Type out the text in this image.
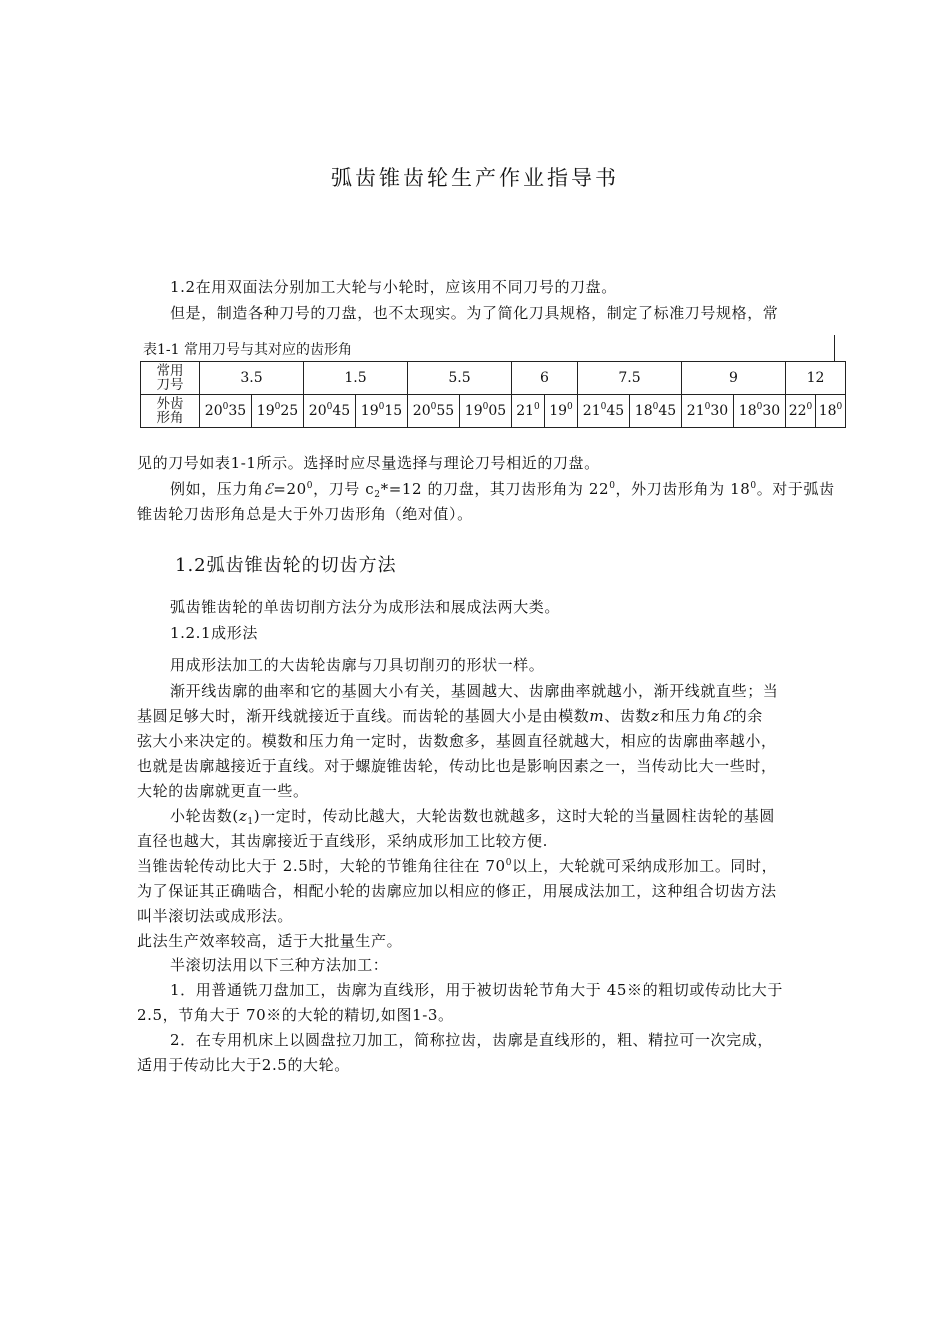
弧齿锥齿轮生产作业指导书
1.2在用双面法分别加工大轮与小轮时，应该用不同刀号的刀盘。
但是，制造各种刀号的刀盘，也不太现实。为了简化刀具规格，制定了标准刀号规格，常
表1-1 常用刀号与其对应的齿形角
常用刀号	3.5		1.5		5.5		6		7.5		9		12	
外齿形角	$20^035$	$19^025$	$20^045$	$19^015$	$20^055$	$19^005$	$21^0$	$19^0$	$21^045$	$18^045$	$21^030$	$18^030$	$22^0$	$18^0$
见的刀号如表1-1所示。选择时应尽量选择与理论刀号相近的刀盘。
例如，压力角$ℰ=20^0$，刀号 $c_2*=12$ 的刀盘，其刀齿形角为 $22^0$，外刀齿形角为 $18^0$。对于弧齿
锥齿轮刀齿形角总是大于外刀齿形角（绝对值）。
1.2弧齿锥齿轮的切齿方法
弧齿锥齿轮的单齿切削方法分为成形法和展成法两大类。
1.2.1成形法
用成形法加工的大齿轮齿廓与刀具切削刃的形状一样。
渐开线齿廓的曲率和它的基圆大小有关，基圆越大、齿廓曲率就越小，渐开线就直些；当
基圆足够大时，渐开线就接近于直线。而齿轮的基圆大小是由模数m、齿数z和压力角ℰ的余
弦大小来决定的。模数和压力角一定时，齿数愈多，基圆直径就越大，相应的齿廓曲率越小，
也就是齿廓越接近于直线。对于螺旋锥齿轮，传动比也是影响因素之一，当传动比大一些时，
大轮的齿廓就更直一些。
小轮齿数$(z_1)$一定时，传动比越大，大轮齿数也就越多，这时大轮的当量圆柱齿轮的基圆
直径也越大，其齿廓接近于直线形，采纳成形加工比较方便.
当锥齿轮传动比大于 2.5时，大轮的节锥角往往在 $70^0$以上，大轮就可采纳成形加工。同时，
为了保证其正确啮合，相配小轮的齿廓应加以相应的修正，用展成法加工，这种组合切齿方法
叫半滚切法或成形法。
此法生产效率较高，适于大批量生产。
半滚切法用以下三种方法加工：
1．用普通铣刀盘加工，齿廓为直线形，用于被切齿轮节角大于 45※的粗切或传动比大于
2.5，节角大于 70※的大轮的精切,如图1-3。
2．在专用机床上以圆盘拉刀加工，简称拉齿，齿廓是直线形的，粗、精拉可一次完成，
适用于传动比大于2.5的大轮。
